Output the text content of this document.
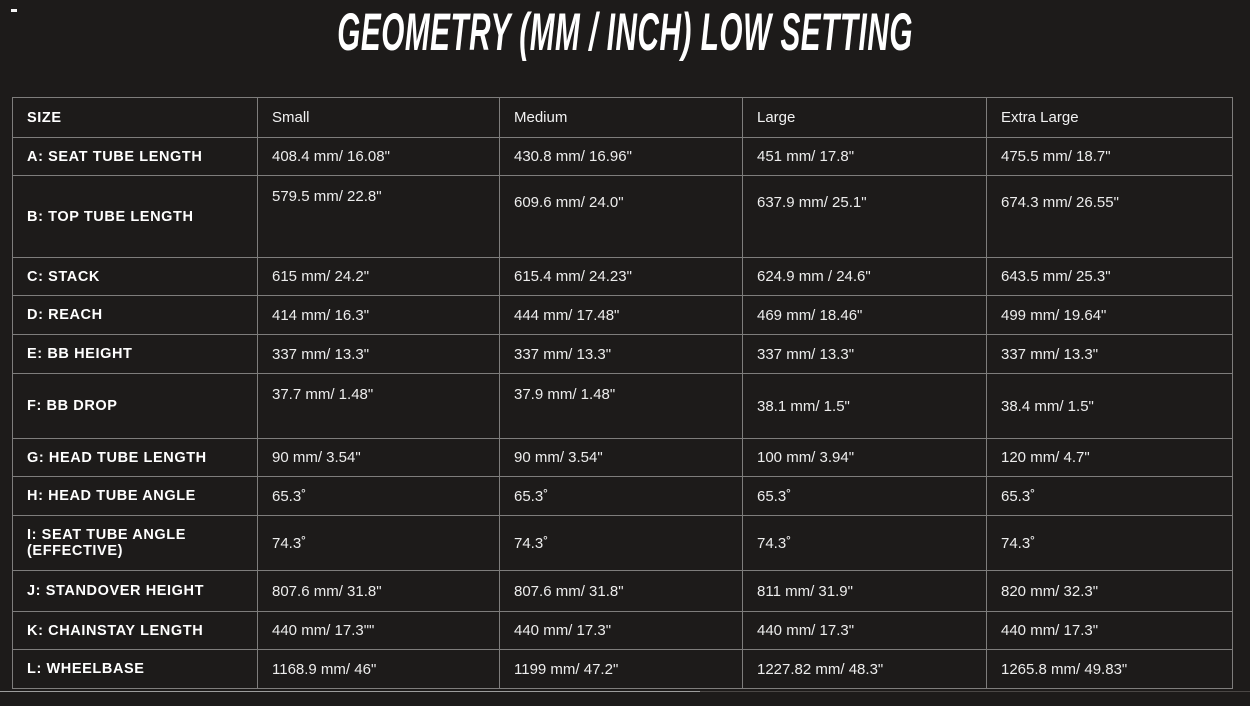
GEOMETRY (MM / INCH) LOW SETTING
SIZE	Small	Medium	Large	Extra Large
A: SEAT TUBE LENGTH	408.4 mm/ 16.08"	430.8 mm/ 16.96"	451 mm/ 17.8"	475.5 mm/ 18.7"
B: TOP TUBE LENGTH	579.5 mm/ 22.8"	609.6 mm/ 24.0"	637.9 mm/ 25.1"	674.3 mm/ 26.55"
C: STACK	615 mm/ 24.2"	615.4 mm/ 24.23"	624.9 mm / 24.6"	643.5 mm/ 25.3"
D: REACH	414 mm/ 16.3"	444 mm/ 17.48"	469 mm/ 18.46"	499 mm/ 19.64"
E: BB HEIGHT	337 mm/ 13.3"	337 mm/ 13.3"	337 mm/ 13.3"	337 mm/ 13.3"
F: BB DROP	37.7 mm/ 1.48"	37.9 mm/ 1.48"	38.1 mm/ 1.5"	38.4 mm/ 1.5"
G: HEAD TUBE LENGTH	90 mm/ 3.54"	90 mm/ 3.54"	100 mm/ 3.94"	120 mm/ 4.7"
H: HEAD TUBE ANGLE	65.3˚	65.3˚	65.3˚	65.3˚
I: SEAT TUBE ANGLE (EFFECTIVE)	74.3˚	74.3˚	74.3˚	74.3˚
J: STANDOVER HEIGHT	807.6 mm/ 31.8"	807.6 mm/ 31.8"	811 mm/ 31.9"	820 mm/ 32.3"
K: CHAINSTAY LENGTH	440 mm/ 17.3""	440 mm/ 17.3"	440 mm/ 17.3"	440 mm/ 17.3"
L: WHEELBASE	1168.9 mm/ 46"	1199 mm/ 47.2"	1227.82 mm/ 48.3"	1265.8 mm/ 49.83"
